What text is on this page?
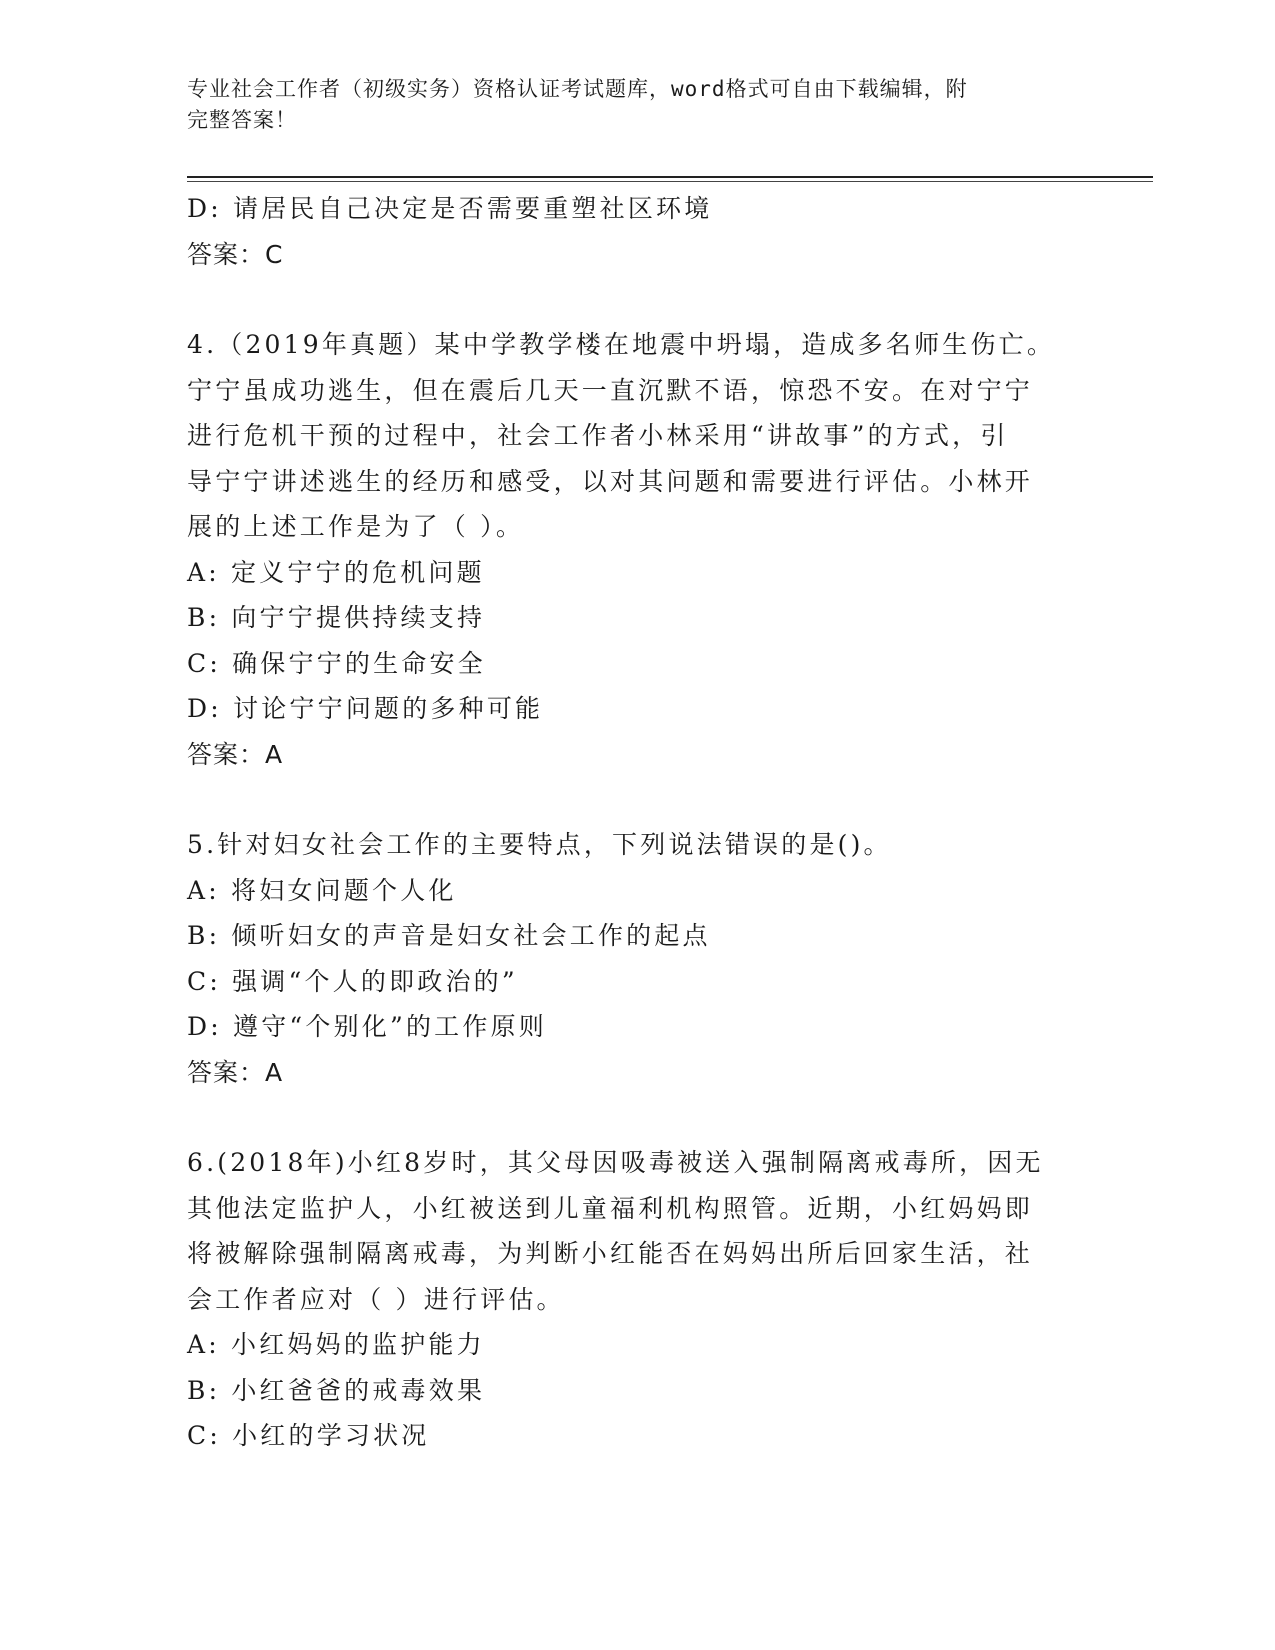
专业社会工作者（初级实务）资格认证考试题库，word格式可自由下载编辑，附
完整答案！
D: 请居民自己决定是否需要重塑社区环境
答案：C
4.（2019年真题）某中学教学楼在地震中坍塌，造成多名师生伤亡。
宁宁虽成功逃生，但在震后几天一直沉默不语，惊恐不安。在对宁宁
进行危机干预的过程中，社会工作者小林采用“讲故事”的方式，引
导宁宁讲述逃生的经历和感受，以对其问题和需要进行评估。小林开
展的上述工作是为了（ ）。
A: 定义宁宁的危机问题
B: 向宁宁提供持续支持
C: 确保宁宁的生命安全
D: 讨论宁宁问题的多种可能
答案：A
5.针对妇女社会工作的主要特点，下列说法错误的是()。
A: 将妇女问题个人化
B: 倾听妇女的声音是妇女社会工作的起点
C: 强调“个人的即政治的”
D: 遵守“个别化”的工作原则
答案：A
6.(2018年)小红8岁时，其父母因吸毒被送入强制隔离戒毒所，因无
其他法定监护人，小红被送到儿童福利机构照管。近期，小红妈妈即
将被解除强制隔离戒毒，为判断小红能否在妈妈出所后回家生活，社
会工作者应对（ ）进行评估。
A: 小红妈妈的监护能力
B: 小红爸爸的戒毒效果
C: 小红的学习状况
